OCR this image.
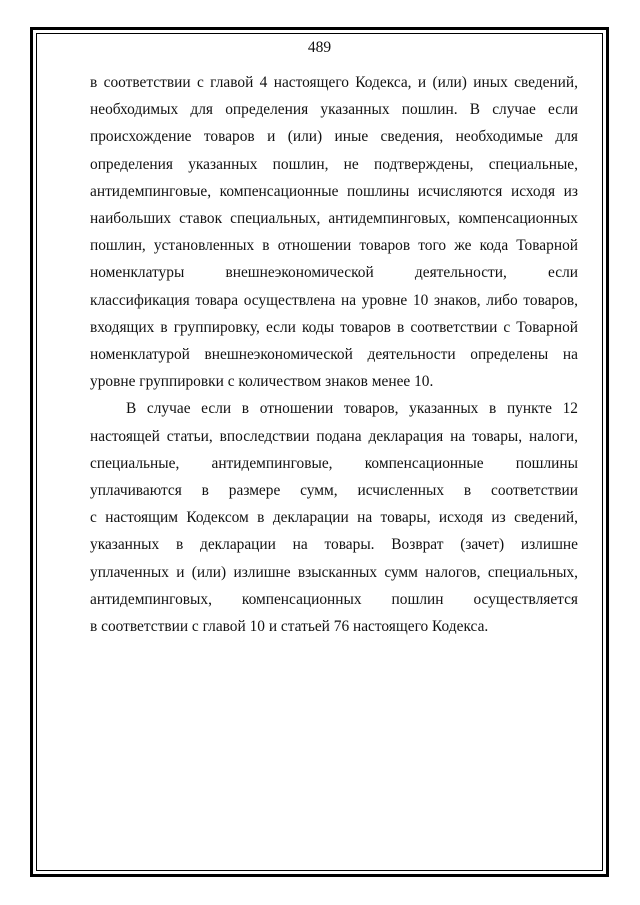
489

в соответствии с главой 4 настоящего Кодекса, и (или) иных сведений,
необходимых для определения указанных пошлин. В случае если
происхождение товаров и (или) иные сведения, необходимые для
определения указанных пошлин, не подтверждены, специальные,
антидемпинговые, компенсационные пошлины исчисляются исходя из
наибольших ставок специальных, антидемпинговых, компенсационных
пошлин, установленных в отношении товаров того же кода Товарной
номенклатуры внешнеэкономической деятельности, если
классификация товара осуществлена на уровне 10 знаков, либо товаров,
входящих в группировку, если коды товаров в соответствии с Товарной
номенклатурой внешнеэкономической деятельности определены на
уровне группировки с количеством знаков менее 10.

В случае если в отношении товаров, указанных в пункте 12
настоящей статьи, впоследствии подана декларация на товары, налоги,
специальные, антидемпинговые, компенсационные пошлины
уплачиваются в размере сумм, исчисленных в соответствии
с настоящим Кодексом в декларации на товары, исходя из сведений,
указанных в декларации на товары. Возврат (зачет) излишне
уплаченных и (или) излишне взысканных сумм налогов, специальных,
антидемпинговых, компенсационных пошлин осуществляется
в соответствии с главой 10 и статьей 76 настоящего Кодекса.
